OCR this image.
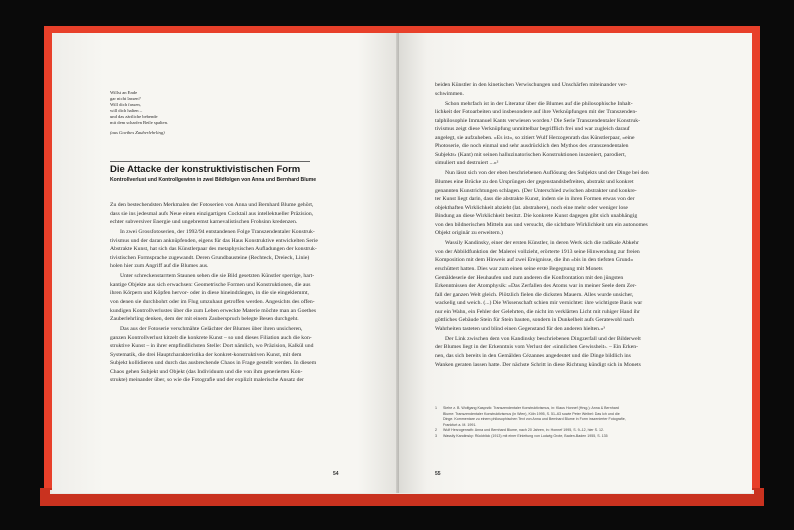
Willst an Ende
gar nicht lassen?
Will dich fassen,
will dich halten –
und das zärtliche bebende
mit dem scharfen Beile spalten.
(aus Goethes Zauberlehrling)
Die Attacke der konstruktivistischen Form
Kontrollverlust und Kontrollgewinn in zwei Bildfolgen von Anna und Bernhard Blume
Zu den bestechendsten Merkmalen der Fotoserien von Anna und Bernhard Blume gehört,
dass sie ins jedesmal aufs Neue einen einzigartigen Cocktail aus intellektueller Präzision,
echter subversiver Energie und ungebremst karnevalistischen Frohsinn kredenzen.
In zwei Grossfotoserien, der 1992/94 entstandenen Folge Transzendentaler Konstruk-
tivismus und der daran anknüpfenden, eigens für das Haus Konstruktive entwickelten Serie
Abstrakte Kunst, hat sich das Künstlerpaar des metaphysischen Aufladungen der konstruk-
tivistischen Formsprache zugewandt. Deren Grundbausteine (Rechteck, Dreieck, Linie)
holen hier zum Angriff auf die Blumes aus.
Unter schreckenstarrtem Staunen sehen die sie Bild gesetzten Künstler sperrige, hart-
kantige Objekte aus sich erwachsen: Geometrische Formen und Konstruktionen, die aus
ihren Körpern und Köpfen hervor- oder in diese hineindrängen, in die sie eingeklemmt,
von denen sie durchbohrt oder im Flug umzuhaut getroffen werden. Angesichts des offen-
kundigen Kontrollverlustes über die zum Leben erweckte Materie möchte man an Goethes
Zauberlehrling denken, dem der mit einem Zauberspruch belegte Besen durchgeht.
Das aus der Fotoserie verschmähte Gelächter der Blumes über ihren unsicheren,
ganzen Kontrollverlust kitzelt die konkrete Kunst – so und dieses Filiation auch die kon-
struktive Kunst – in ihrer empfindlichsten Stelle: Dort nämlich, wo Präzision, Kalkül und
Systematik, die drei Hauptcharakteristika der konkret-konstruktiven Kunst, mit dem
Subjekt kollidieren und durch das ausbrechende Chaos in Frage gestellt werden. In diesem
Chaos gehen Subjekt und Objekt (das Individuum und die von ihm generierten Kon-
strukte) meinander über, so wie die Fotografie und der explizit malerische Ansatz der
54
beiden Künstler in den kinetischen Verwischungen und Unschärfen miteinander ver-
schwimmen.
Schon mehrfach ist in der Literatur über die Blumes auf die philosophische Inhalt-
lichkeit der Fotoarbeiten und insbesondere auf ihre Verknüpfungen mit der Transzenden-
talphilosophie Immanuel Kants verwiesen worden.¹ Die Serie Transzendentaler Konstruk-
tivismus zeigt diese Verknüpfung unmittelbar begrifflich frei und war zugleich darauf
angelegt, sie aufzuheben. »Es ist«, so zitiert Wulf Herzogenrath das Künstlerpaar, »eine
Photoserie, die noch einmal und sehr ausdrücklich den Mythos des ›transzendentalen
Subjekts‹ (Kant) mit seinen halluzinatorischen Konstruktionen inszeniert, parodiert,
simuliert und destruiert ...«²
Nun lässt sich von der eben beschriebenen Auflösung des Subjekts und der Dinge bei den
Blumes eine Brücke zu den Ursprüngen der gegenstandsbefreiten, abstrakt und konkret
genannten Kunstrichtungen schlagen. (Der Unterschied zwischen abstrakter und konkre-
ter Kunst liegt darin, dass die abstrakte Kunst, indem sie in ihren Formen etwas von der
objekthaften Wirklichkeit abzieht (lat. abstrahere), noch eine mehr oder weniger lose
Bindung an diese Wirklichkeit besitzt. Die konkrete Kunst dagegen gibt sich unabhängig
von den bildnerischen Mitteln aus und versucht, die sichtbare Wirklichkeit um ein autonomes
Objekt originär zu erweitern.)
Wassily Kandinsky, einer der ersten Künstler, in deren Werk sich die radikale Abkehr
von der Abbildfunktion der Malerei vollzieht, erörterte 1913 seine Hinwendung zur freien
Komposition mit dem Hinweis auf zwei Ereignisse, die ihn »bis in den tiefsten Grund«
erschüttert hatten. Dies war zum einen seine erste Begegnung mit Monets
Gemäldeserie der Heuhaufen und zum anderen die Konfrontation mit den jüngsten
Erkenntnissen der Atomphysik: »Das Zerfallen des Atoms war in meiner Seele dem Zer-
fall der ganzen Welt gleich. Plötzlich fielen die dicksten Mauern. Alles wurde unsicher,
wackelig und weich. (...) Die Wissenschaft schien mir vernichtet: ihre wichtigste Basis war
nur ein Wahn, ein Fehler der Gelehrten, die nicht im verklärten Licht mit ruhiger Hand ihr
göttliches Gebäude Stein für Stein bauten, sondern in Dunkelheit aufs Geratewohl nach
Wahrheiten tasteten und blind einen Gegenstand für den anderen hielten.«³
Der Link zwischen dem von Kandinsky beschriebenen Dingzerfall und der Bilderwelt
der Blumes liegt in der Erkenntnis vom Verlust der ›sinnlichen Gewissheit‹. – Ein Erken-
nen, das sich bereits in den Gemälden Cézannes angedeutet und die Dinge bildlich ins
Wanken geraten lassen hatte. Der nächste Schritt in diese Richtung kündigt sich in Monets
1	Siehe z. B. Wolfgang Kasprzik: Transzendentaler Konstruktivismus, in: Klaus Honnef (Hrsg.): Anna & Bernhard
Blume: Transzendentaler Konstruktivismus (in Wien), Köln 1995, S. 51–63 sowie Peter Weibel: Das Ich und die
Dinge. Kommentare zu einem philosophischen Text von Anna und Bernhard Blume in Form inszenierter Fotografie,
Frankfurt a. M. 1991.
2	Wulf Herzogenrath: Anna und Bernhard Blume, nach 20 Jahren, in: Honnef 1995, S. 9–12, hier S. 12.
3	Wassily Kandinsky: Rückblick (1913) mit einer Einleitung von Ludwig Grote, Baden-Baden 1955, S. 135
55
